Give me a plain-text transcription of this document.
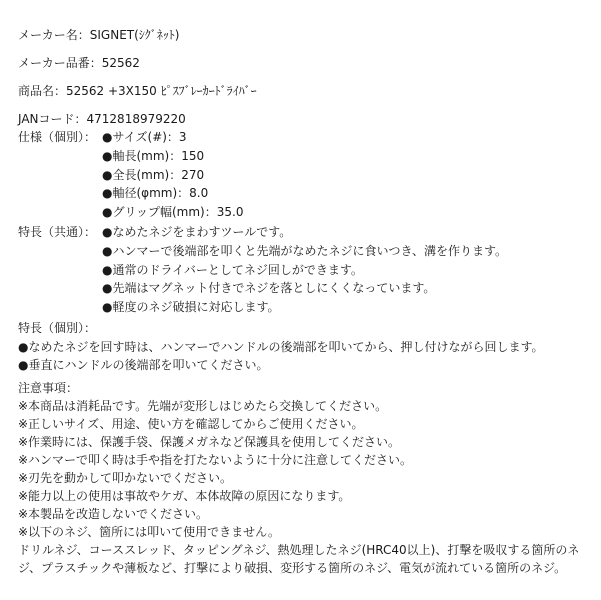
メーカー名：SIGNET(ｼｸﾞﾈｯﾄ)
メーカー品番：52562
商品名：52562 +3X150 ﾋﾟｽﾌﾞﾚｰｶｰﾄﾞﾗｲﾊﾞｰ
JANコード：4712818979220
仕様（個別）： ●サイズ(#)：3
●軸長(mm)：150
●全長(mm)：270
●軸径(φmm)：8.0
●グリップ幅(mm)：35.0
特長（共通）： ●なめたネジをまわすツールです。
●ハンマーで後端部を叩くと先端がなめたネジに食いつき、溝を作ります。
●通常のドライバーとしてネジ回しができます。
●先端はマグネット付きでネジを落としにくくなっています。
●軽度のネジ破損に対応します。
特長（個別）：
●なめたネジを回す時は、ハンマーでハンドルの後端部を叩いてから、押し付けながら回します。
●垂直にハンドルの後端部を叩いてください。
注意事項：
※本商品は消耗品です。先端が変形しはじめたら交換してください。
※正しいサイズ、用途、使い方を確認してからご使用ください。
※作業時には、保護手袋、保護メガネなど保護具を使用してください。
※ハンマーで叩く時は手や指を打たないように十分に注意してください。
※刃先を動かして叩かないでください。
※能力以上の使用は事故やケガ、本体故障の原因になります。
※本製品を改造しないでください。
※以下のネジ、箇所には叩いて使用できません。
ドリルネジ、コーススレッド、タッピングネジ、熱処理したネジ(HRC40以上)、打撃を吸収する箇所のネ
ジ、プラスチックや薄板など、打撃により破損、変形する箇所のネジ、電気が流れている箇所のネジ。
